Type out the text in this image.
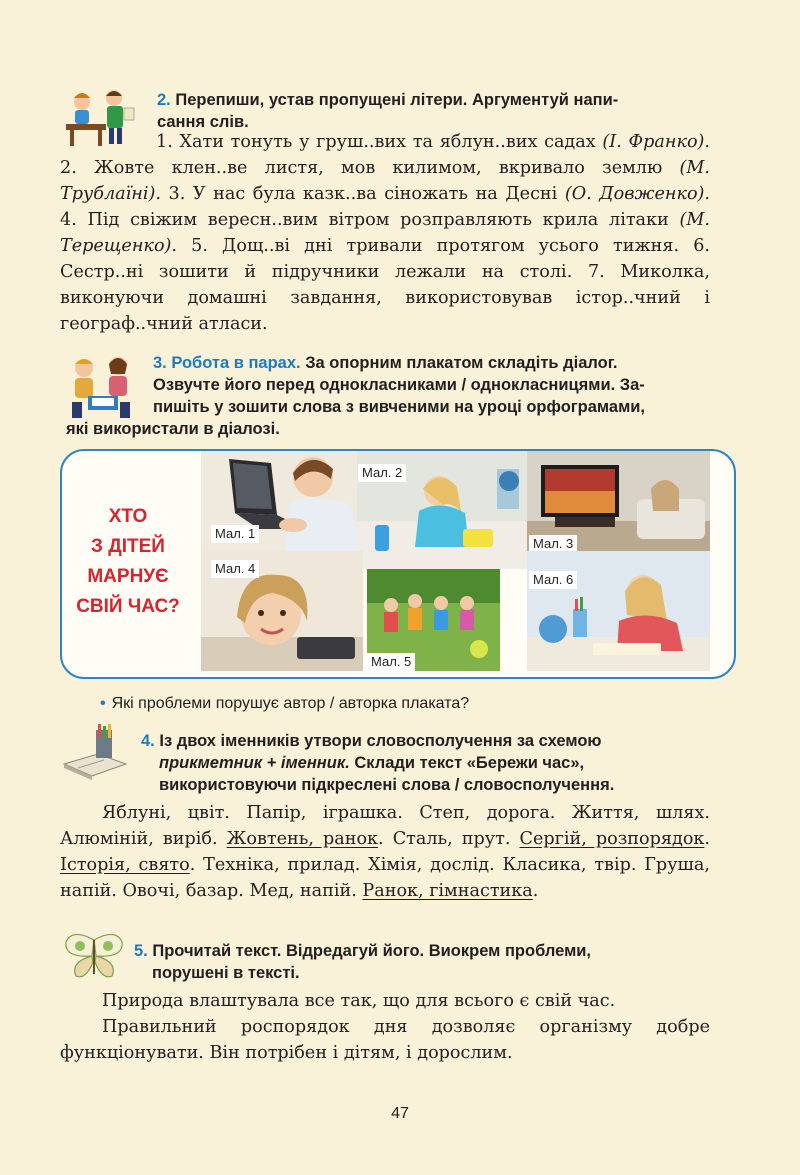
2. Перепиши, устав пропущені літери. Аргументуй напи-
сання слів.
1. Хати тонуть у груш..вих та яблун..вих садах (І. Франко). 2. Жовте клен..ве листя, мов килимом, вкривало землю (М. Трублаїні). 3. У нас була казк..ва сіножать на Десні (О. Довженко). 4. Під свіжим вересн..вим вітром розправляють крила літаки (М. Терещенко). 5. Дощ..ві дні тривали протягом усього тижня. 6. Сестр..ні зошити й підручники лежали на столі. 7. Миколка, виконуючи домашні завдання, використовував істор..чний і географ..чний атласи.
3. Робота в парах. За опорним плакатом складіть діалог.
Озвучте його перед однокласниками / однокласницями. За-
пишіть у зошити слова з вивченими на уроці орфограмами,
які використали в діалозі.
ХТО
З ДІТЕЙ
МАРНУЄ
СВІЙ ЧАС?
Мал. 1
Мал. 2
Мал. 3
Мал. 4
Мал. 5
Мал. 6
• Які проблеми порушує автор / авторка плаката?
4. Із двох іменників утвори словосполучення за схемою
прикметник + іменник. Склади текст «Бережи час»,
використовуючи підкреслені слова / словосполучення.
Яблуні, цвіт. Папір, іграшка. Степ, дорога. Життя, шлях. Алюміній, виріб. Жовтень, ранок. Сталь, прут. Сергій, розпорядок. Історія, свято. Техніка, прилад. Хімія, дослід. Класика, твір. Груша, напій. Овочі, базар. Мед, напій. Ранок, гімнастика.
5. Прочитай текст. Відредагуй його. Виокрем проблеми,
порушені в тексті.
Природа влаштувала все так, що для всього є свій час.
Правильний роспорядок дня дозволяє організму добре функціонувати. Він потрібен і дітям, і дорослим.
47
